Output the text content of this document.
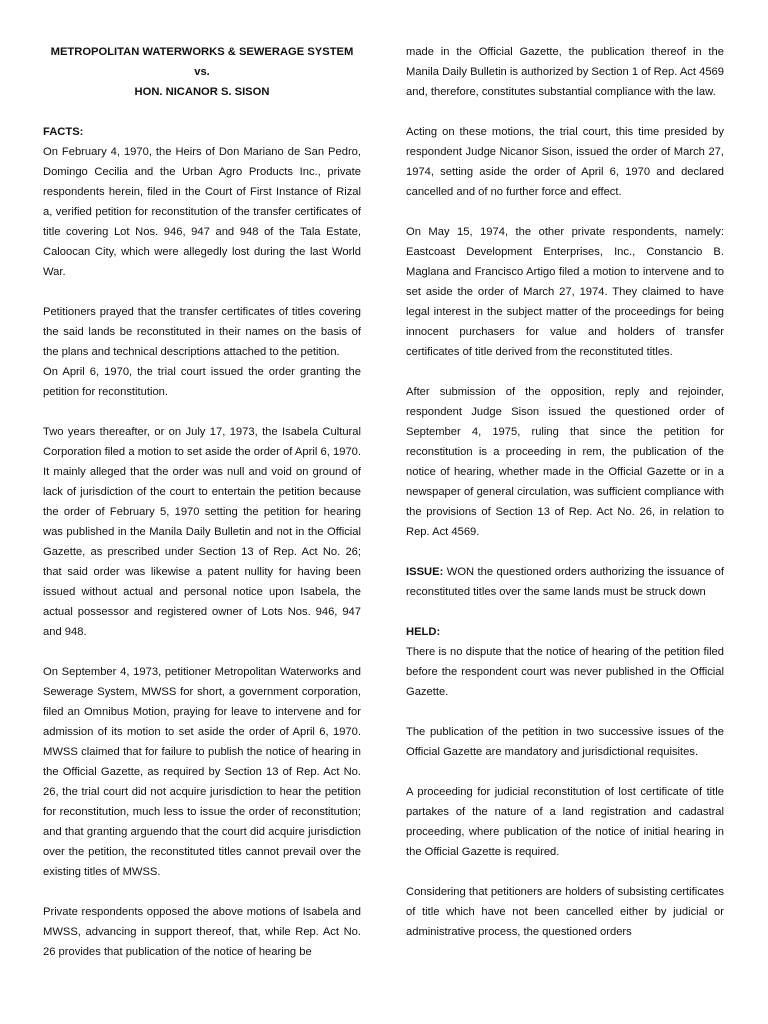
METROPOLITAN WATERWORKS & SEWERAGE SYSTEM
vs.
HON. NICANOR S. SISON
FACTS:

On February 4, 1970, the Heirs of Don Mariano de San Pedro, Domingo Cecilia and the Urban Agro Products Inc., private respondents herein, filed in the Court of First Instance of Rizal a, verified petition for reconstitution of the transfer certificates of title covering Lot Nos. 946, 947 and 948 of the Tala Estate, Caloocan City, which were allegedly lost during the last World War.

Petitioners prayed that the transfer certificates of titles covering the said lands be reconstituted in their names on the basis of the plans and technical descriptions attached to the petition.

On April 6, 1970, the trial court issued the order granting the petition for reconstitution.

Two years thereafter, or on July 17, 1973, the Isabela Cultural Corporation filed a motion to set aside the order of April 6, 1970. It mainly alleged that the order was null and void on ground of lack of jurisdiction of the court to entertain the petition because the order of February 5, 1970 setting the petition for hearing was published in the Manila Daily Bulletin and not in the Official Gazette, as prescribed under Section 13 of Rep. Act No. 26; that said order was likewise a patent nullity for having been issued without actual and personal notice upon Isabela, the actual possessor and registered owner of Lots Nos. 946, 947 and 948.

On September 4, 1973, petitioner Metropolitan Waterworks and Sewerage System, MWSS for short, a government corporation, filed an Omnibus Motion, praying for leave to intervene and for admission of its motion to set aside the order of April 6, 1970. MWSS claimed that for failure to publish the notice of hearing in the Official Gazette, as required by Section 13 of Rep. Act No. 26, the trial court did not acquire jurisdiction to hear the petition for reconstitution, much less to issue the order of reconstitution; and that granting arguendo that the court did acquire jurisdiction over the petition, the reconstituted titles cannot prevail over the existing titles of MWSS.

Private respondents opposed the above motions of Isabela and MWSS, advancing in support thereof, that, while Rep. Act No. 26 provides that publication of the notice of hearing be

made in the Official Gazette, the publication thereof in the Manila Daily Bulletin is authorized by Section 1 of Rep. Act 4569 and, therefore, constitutes substantial compliance with the law.

Acting on these motions, the trial court, this time presided by respondent Judge Nicanor Sison, issued the order of March 27, 1974, setting aside the order of April 6, 1970 and declared cancelled and of no further force and effect.

On May 15, 1974, the other private respondents, namely: Eastcoast Development Enterprises, Inc., Constancio B. Maglana and Francisco Artigo filed a motion to intervene and to set aside the order of March 27, 1974. They claimed to have legal interest in the subject matter of the proceedings for being innocent purchasers for value and holders of transfer certificates of title derived from the reconstituted titles.

After submission of the opposition, reply and rejoinder, respondent Judge Sison issued the questioned order of September 4, 1975, ruling that since the petition for reconstitution is a proceeding in rem, the publication of the notice of hearing, whether made in the Official Gazette or in a newspaper of general circulation, was sufficient compliance with the provisions of Section 13 of Rep. Act No. 26, in relation to Rep. Act 4569.

ISSUE: WON the questioned orders authorizing the issuance of reconstituted titles over the same lands must be struck down

HELD:

There is no dispute that the notice of hearing of the petition filed before the respondent court was never published in the Official Gazette.

The publication of the petition in two successive issues of the Official Gazette are mandatory and jurisdictional requisites.

A proceeding for judicial reconstitution of lost certificate of title partakes of the nature of a land registration and cadastral proceeding, where publication of the notice of initial hearing in the Official Gazette is required.

Considering that petitioners are holders of subsisting certificates of title which have not been cancelled either by judicial or administrative process, the questioned orders
